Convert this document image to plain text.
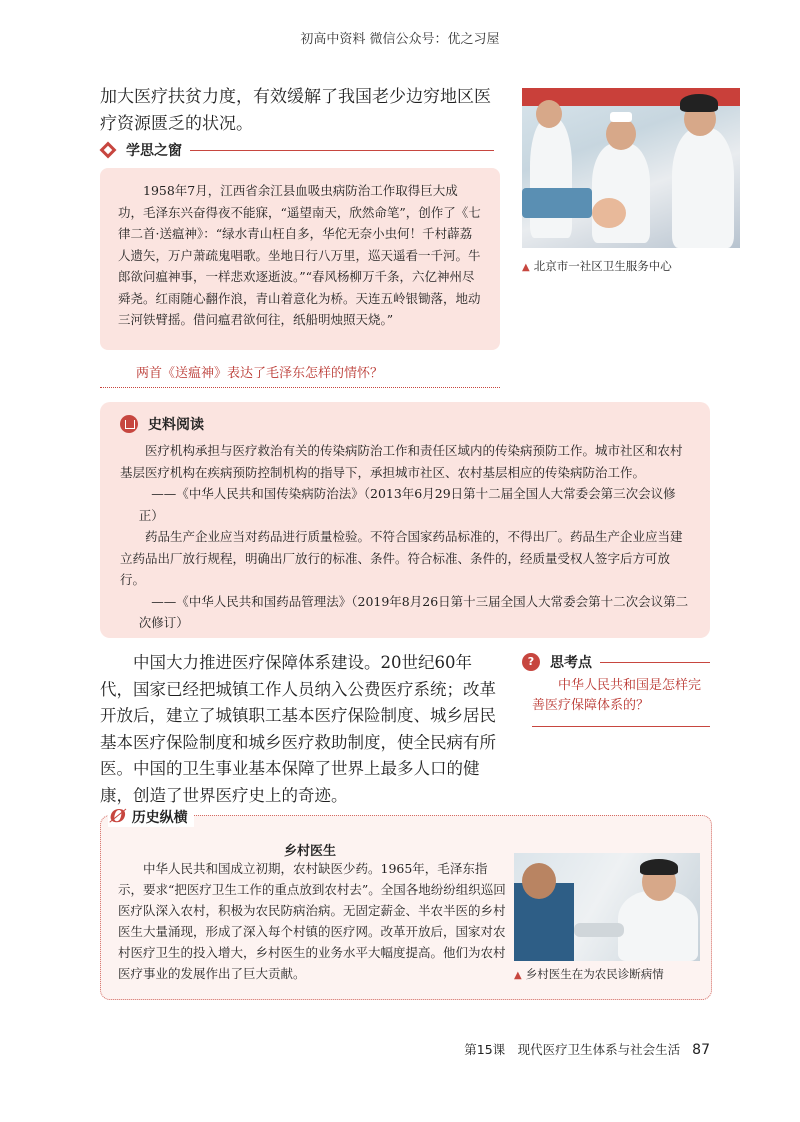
初高中资料 微信公众号：优之习屋
加大医疗扶贫力度，有效缓解了我国老少边穷地区医疗资源匮乏的状况。
学思之窗

1958年7月，江西省余江县血吸虫病防治工作取得巨大成功，毛泽东兴奋得夜不能寐，“遥望南天，欣然命笔”，创作了《七律二首·送瘟神》：“绿水青山枉自多，华佗无奈小虫何！千村薜荔人遗矢，万户萧疏鬼唱歌。坐地日行八万里，巡天遥看一千河。牛郎欲问瘟神事，一样悲欢逐逝波。”“春风杨柳万千条，六亿神州尽舜尧。红雨随心翻作浪，青山着意化为桥。天连五岭银锄落，地动三河铁臂摇。借问瘟君欲何往，纸船明烛照天烧。”

两首《送瘟神》表达了毛泽东怎样的情怀？
▲ 北京市一社区卫生服务中心
史料阅读

医疗机构承担与医疗救治有关的传染病防治工作和责任区域内的传染病预防工作。城市社区和农村基层医疗机构在疾病预防控制机构的指导下，承担城市社区、农村基层相应的传染病防治工作。

——《中华人民共和国传染病防治法》（2013年6月29日第十二届全国人大常委会第三次会议修正）

药品生产企业应当对药品进行质量检验。不符合国家药品标准的，不得出厂。药品生产企业应当建立药品出厂放行规程，明确出厂放行的标准、条件。符合标准、条件的，经质量受权人签字后方可放行。

——《中华人民共和国药品管理法》（2019年8月26日第十三届全国人大常委会第十二次会议第二次修订）

中国大力推进医疗保障体系建设。20世纪60年代，国家已经把城镇工作人员纳入公费医疗系统；改革开放后，建立了城镇职工基本医疗保险制度、城乡居民基本医疗保险制度和城乡医疗救助制度，使全民病有所医。中国的卫生事业基本保障了世界上最多人口的健康，创造了世界医疗史上的奇迹。

?	思考点
中华人民共和国是怎样完善医疗保障体系的？
Ø 历史纵横
乡村医生

中华人民共和国成立初期，农村缺医少药。1965年，毛泽东指示，要求“把医疗卫生工作的重点放到农村去”。全国各地纷纷组织巡回医疗队深入农村，积极为农民防病治病。无固定薪金、半农半医的乡村医生大量涌现，形成了深入每个村镇的医疗网。改革开放后，国家对农村医疗卫生的投入增大，乡村医生的业务水平大幅度提高。他们为农村医疗事业的发展作出了巨大贡献。	▲ 乡村医生在为农民诊断病情
第15课　现代医疗卫生体系与社会生活 87
